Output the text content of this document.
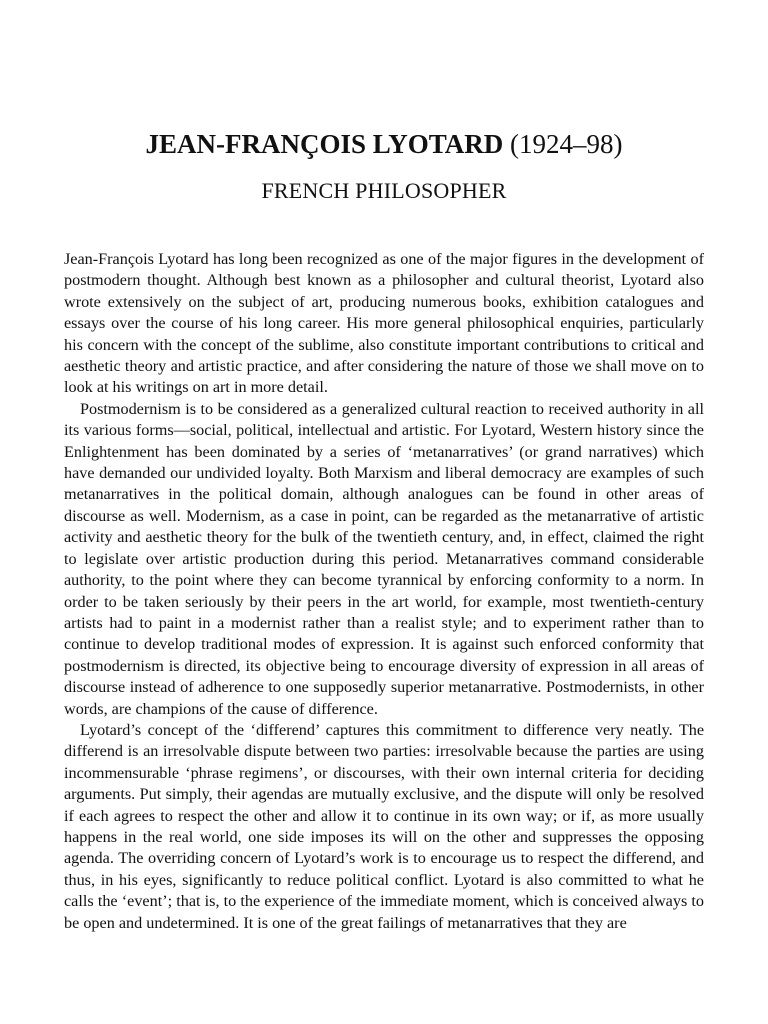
JEAN-FRANÇOIS LYOTARD (1924–98)
FRENCH PHILOSOPHER

Jean-François Lyotard has long been recognized as one of the major figures in the development of postmodern thought. Although best known as a philosopher and cultural theorist, Lyotard also wrote extensively on the subject of art, producing numerous books, exhibition catalogues and essays over the course of his long career. His more general philosophical enquiries, particularly his concern with the concept of the sublime, also constitute important contributions to critical and aesthetic theory and artistic practice, and after considering the nature of those we shall move on to look at his writings on art in more detail.

Postmodernism is to be considered as a generalized cultural reaction to received authority in all its various forms—social, political, intellectual and artistic. For Lyotard, Western history since the Enlightenment has been dominated by a series of ‘metanarratives’ (or grand narratives) which have demanded our undivided loyalty. Both Marxism and liberal democracy are examples of such metanarratives in the political domain, although analogues can be found in other areas of discourse as well. Modernism, as a case in point, can be regarded as the metanarrative of artistic activity and aesthetic theory for the bulk of the twentieth century, and, in effect, claimed the right to legislate over artistic production during this period. Metanarratives command considerable authority, to the point where they can become tyrannical by enforcing conformity to a norm. In order to be taken seriously by their peers in the art world, for example, most twentieth-century artists had to paint in a modernist rather than a realist style; and to experiment rather than to continue to develop traditional modes of expression. It is against such enforced conformity that postmodernism is directed, its objective being to encourage diversity of expression in all areas of discourse instead of adherence to one supposedly superior metanarrative. Postmodernists, in other words, are champions of the cause of difference.

Lyotard’s concept of the ‘differend’ captures this commitment to difference very neatly. The differend is an irresolvable dispute between two parties: irresolvable because the parties are using incommensurable ‘phrase regimens’, or discourses, with their own internal criteria for deciding arguments. Put simply, their agendas are mutually exclusive, and the dispute will only be resolved if each agrees to respect the other and allow it to continue in its own way; or if, as more usually happens in the real world, one side imposes its will on the other and suppresses the opposing agenda. The overriding concern of Lyotard’s work is to encourage us to respect the differend, and thus, in his eyes, significantly to reduce political conflict. Lyotard is also committed to what he calls the ‘event’; that is, to the experience of the immediate moment, which is conceived always to be open and undetermined. It is one of the great failings of metanarratives that they are
